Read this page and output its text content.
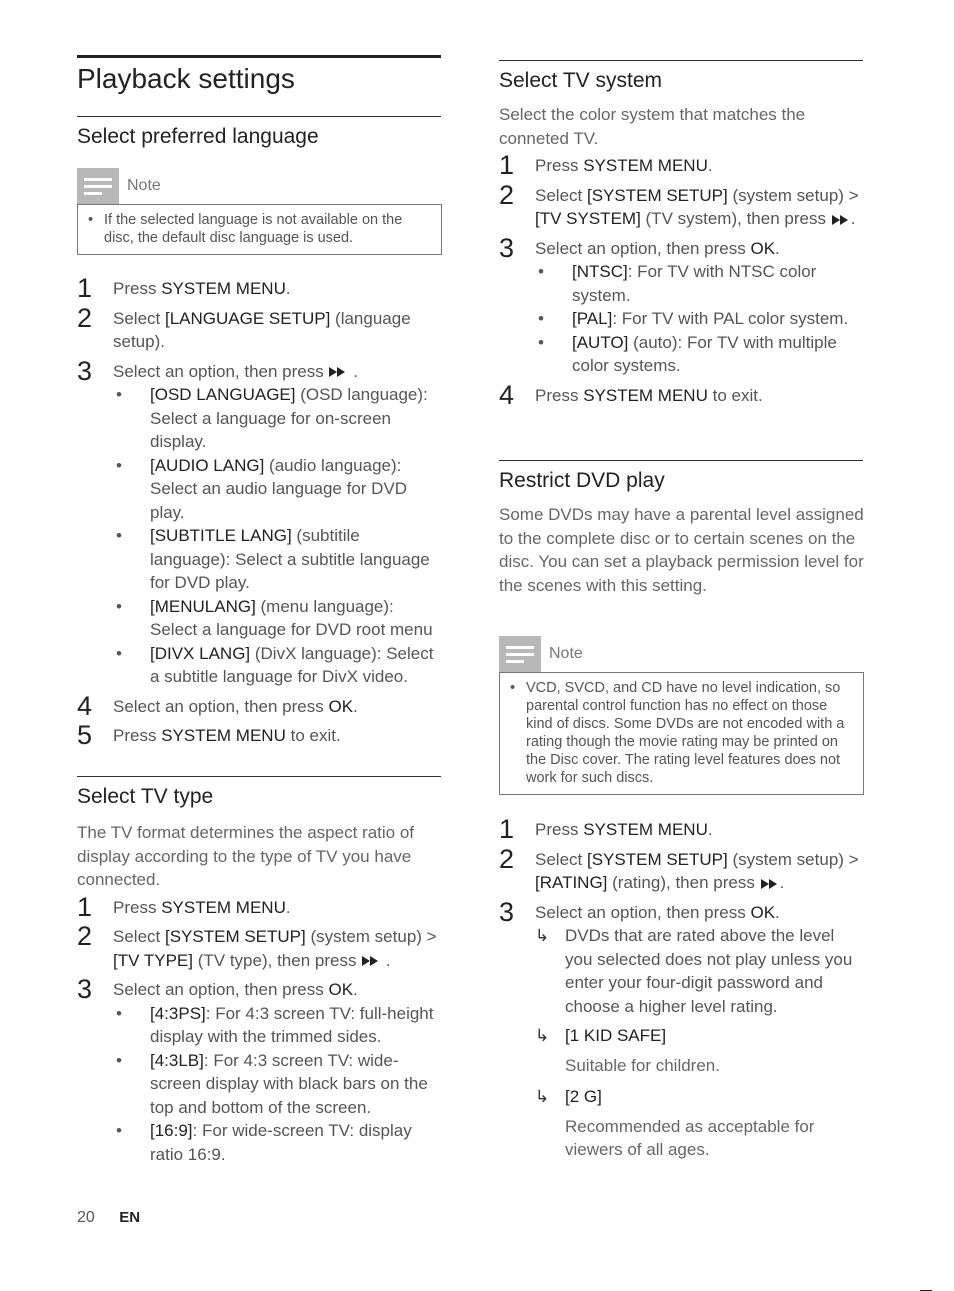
Playback settings
Select preferred language
Note
• If the selected language is not available on the disc, the default disc language is used.
1 Press SYSTEM MENU.
2 Select [LANGUAGE SETUP] (language setup).
3 Select an option, then press  .
• [OSD LANGUAGE] (OSD language): Select a language for on-screen display.
• [AUDIO LANG] (audio language): Select an audio language for DVD play.
• [SUBTITLE LANG] (subtitile language): Select a subtitle language for DVD play.
• [MENULANG] (menu language): Select a language for DVD root menu
• [DIVX LANG] (DivX language): Select a subtitle language for DivX video.
4 Select an option, then press OK.
5 Press SYSTEM MENU to exit.
Select TV type

The TV format determines the aspect ratio of display according to the type of TV you have connected.

1 Press SYSTEM MENU.
2 Select [SYSTEM SETUP] (system setup) > [TV TYPE] (TV type), then press  .
3 Select an option, then press OK.
• [4:3PS]: For 4:3 screen TV: full-height display with the trimmed sides.
• [4:3LB]: For 4:3 screen TV: wide-screen display with black bars on the top and bottom of the screen.
• [16:9]: For wide-screen TV: display ratio 16:9.
Select TV system

Select the color system that matches the conneted TV.

1 Press SYSTEM MENU.
2 Select [SYSTEM SETUP] (system setup) > [TV SYSTEM] (TV system), then press .
3 Select an option, then press OK.
• [NTSC]: For TV with NTSC color system.
• [PAL]: For TV with PAL color system.
• [AUTO] (auto): For TV with multiple color systems.
4 Press SYSTEM MENU to exit.
Restrict DVD play

Some DVDs may have a parental level assigned to the complete disc or to certain scenes on the disc. You can set a playback permission level for the scenes with this setting.

Note
• VCD, SVCD, and CD have no level indication, so parental control function has no effect on those kind of discs. Some DVDs are not encoded with a rating though the movie rating may be printed on the Disc cover. The rating level features does not work for such discs.
1 Press SYSTEM MENU.
2 Select [SYSTEM SETUP] (system setup) > [RATING] (rating), then press .
3 Select an option, then press OK.
↳ DVDs that are rated above the level you selected does not play unless you enter your four-digit password and choose a higher level rating.
↳ [1 KID SAFE]
Suitable for children.
↳ [2 G]
Recommended as acceptable for viewers of all ages.
20 EN
